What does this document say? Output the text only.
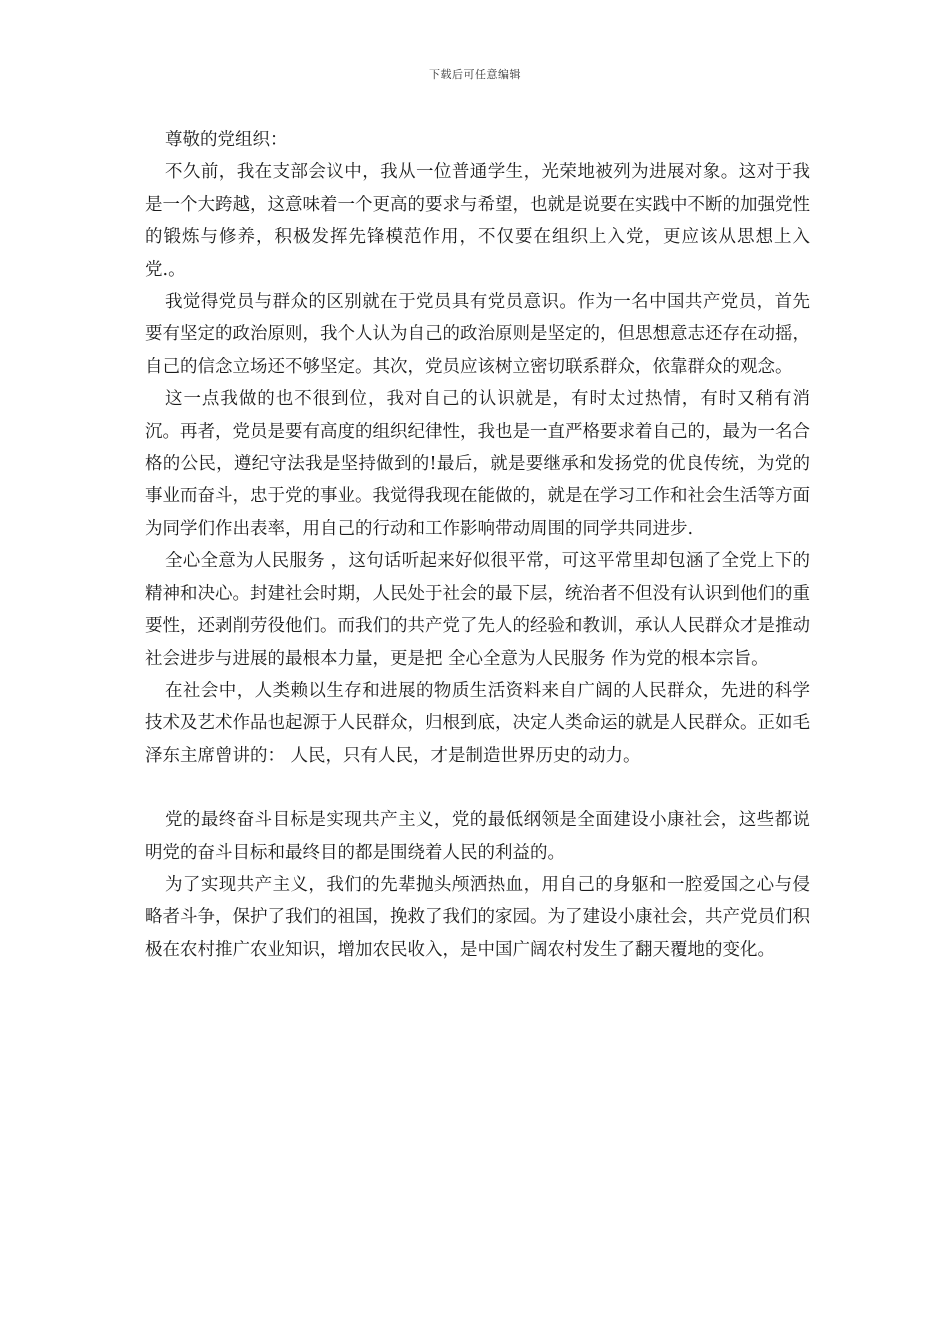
下载后可任意编辑

尊敬的党组织：

不久前，我在支部会议中，我从一位普通学生，光荣地被列为进展对象。这对于我是一个大跨越，这意味着一个更高的要求与希望，也就是说要在实践中不断的加强党性的锻炼与修养，积极发挥先锋模范作用，不仅要在组织上入党，更应该从思想上入党.。

我觉得党员与群众的区别就在于党员具有党员意识。作为一名中国共产党员，首先要有坚定的政治原则，我个人认为自己的政治原则是坚定的，但思想意志还存在动摇，自己的信念立场还不够坚定。其次，党员应该树立密切联系群众，依靠群众的观念。

这一点我做的也不很到位，我对自己的认识就是，有时太过热情，有时又稍有消沉。再者，党员是要有高度的组织纪律性，我也是一直严格要求着自己的，最为一名合格的公民，遵纪守法我是坚持做到的!最后，就是要继承和发扬党的优良传统，为党的事业而奋斗，忠于党的事业。我觉得我现在能做的，就是在学习工作和社会生活等方面为同学们作出表率，用自己的行动和工作影响带动周围的同学共同进步.

全心全意为人民服务 ，这句话听起来好似很平常，可这平常里却包涵了全党上下的精神和决心。封建社会时期，人民处于社会的最下层，统治者不但没有认识到他们的重要性，还剥削劳役他们。而我们的共产党了先人的经验和教训，承认人民群众才是推动社会进步与进展的最根本力量，更是把 全心全意为人民服务 作为党的根本宗旨。

在社会中，人类赖以生存和进展的物质生活资料来自广阔的人民群众，先进的科学技术及艺术作品也起源于人民群众，归根到底，决定人类命运的就是人民群众。正如毛泽东主席曾讲的： 人民，只有人民，才是制造世界历史的动力。

党的最终奋斗目标是实现共产主义，党的最低纲领是全面建设小康社会，这些都说明党的奋斗目标和最终目的都是围绕着人民的利益的。

为了实现共产主义，我们的先辈抛头颅洒热血，用自己的身躯和一腔爱国之心与侵略者斗争，保护了我们的祖国，挽救了我们的家园。为了建设小康社会，共产党员们积极在农村推广农业知识，增加农民收入，是中国广阔农村发生了翻天覆地的变化。
